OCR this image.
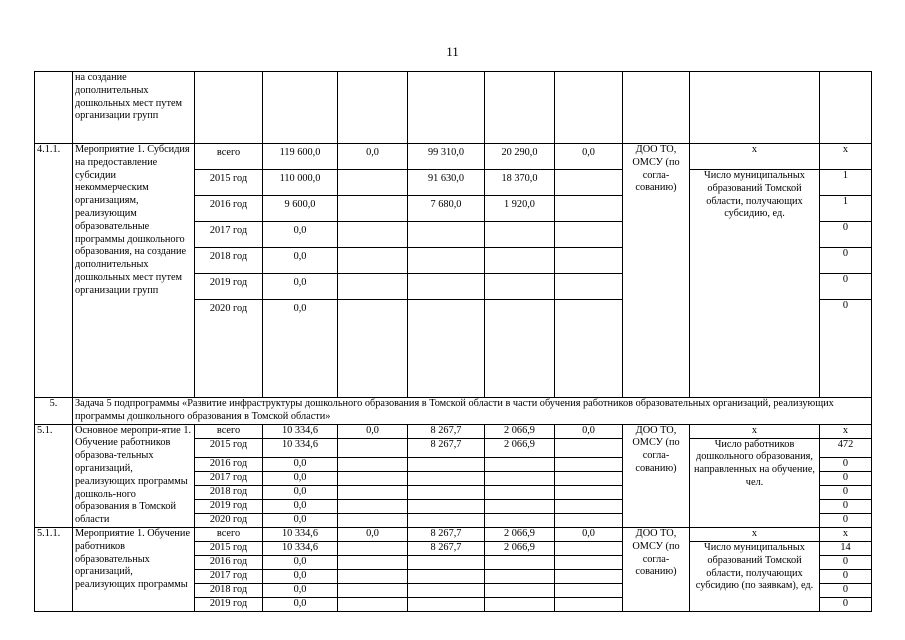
11
	на создание дополнительных дошкольных мест путем организации групп									
4.1.1.	Мероприятие 1. Субсидия на предоставление субсидии некоммерческим организациям, реализующим образовательные программы дошкольного образования, на создание дополнительных дошкольных мест путем организации групп	всего	119 600,0	0,0	99 310,0	20 290,0	0,0	ДОО ТО, ОМСУ (по согла-сованию)	х	х
		2015 год	110 000,0		91 630,0	18 370,0			Число муниципальных образований Томской области, получающих субсидию, ед.	1
		2016 год	9 600,0		7 680,0	1 920,0				1
		2017 год	0,0							0
		2018 год	0,0							0
		2019 год	0,0							0
		2020 год	0,0							0
5.	Задача 5 подпрограммы «Развитие инфраструктуры дошкольного образования в Томской области в части обучения работников образовательных организаций, реализующих программы дошкольного образования в Томской области»									
5.1.	Основное меропри-ятие 1. Обучение работников образова-тельных организаций, реализующих программы дошколь-ного образования в Томской области	всего	10 334,6	0,0	8 267,7	2 066,9	0,0	ДОО ТО, ОМСУ (по согла-сованию)	х	х
		2015 год	10 334,6		8 267,7	2 066,9			Число работников дошкольного образования, направленных на обучение, чел.	472
		2016 год	0,0							0
		2017 год	0,0							0
		2018 год	0,0							0
		2019 год	0,0							0
		2020 год	0,0							0
5.1.1.	Мероприятие 1. Обучение работников образовательных организаций, реализующих программы	всего	10 334,6	0,0	8 267,7	2 066,9	0,0	ДОО ТО, ОМСУ (по согла-сованию)	х	х
		2015 год	10 334,6		8 267,7	2 066,9			Число муниципальных образований Томской области, получающих субсидию (по заявкам), ед.	14
		2016 год	0,0							0
		2017 год	0,0							0
		2018 год	0,0							0
		2019 год	0,0							0
